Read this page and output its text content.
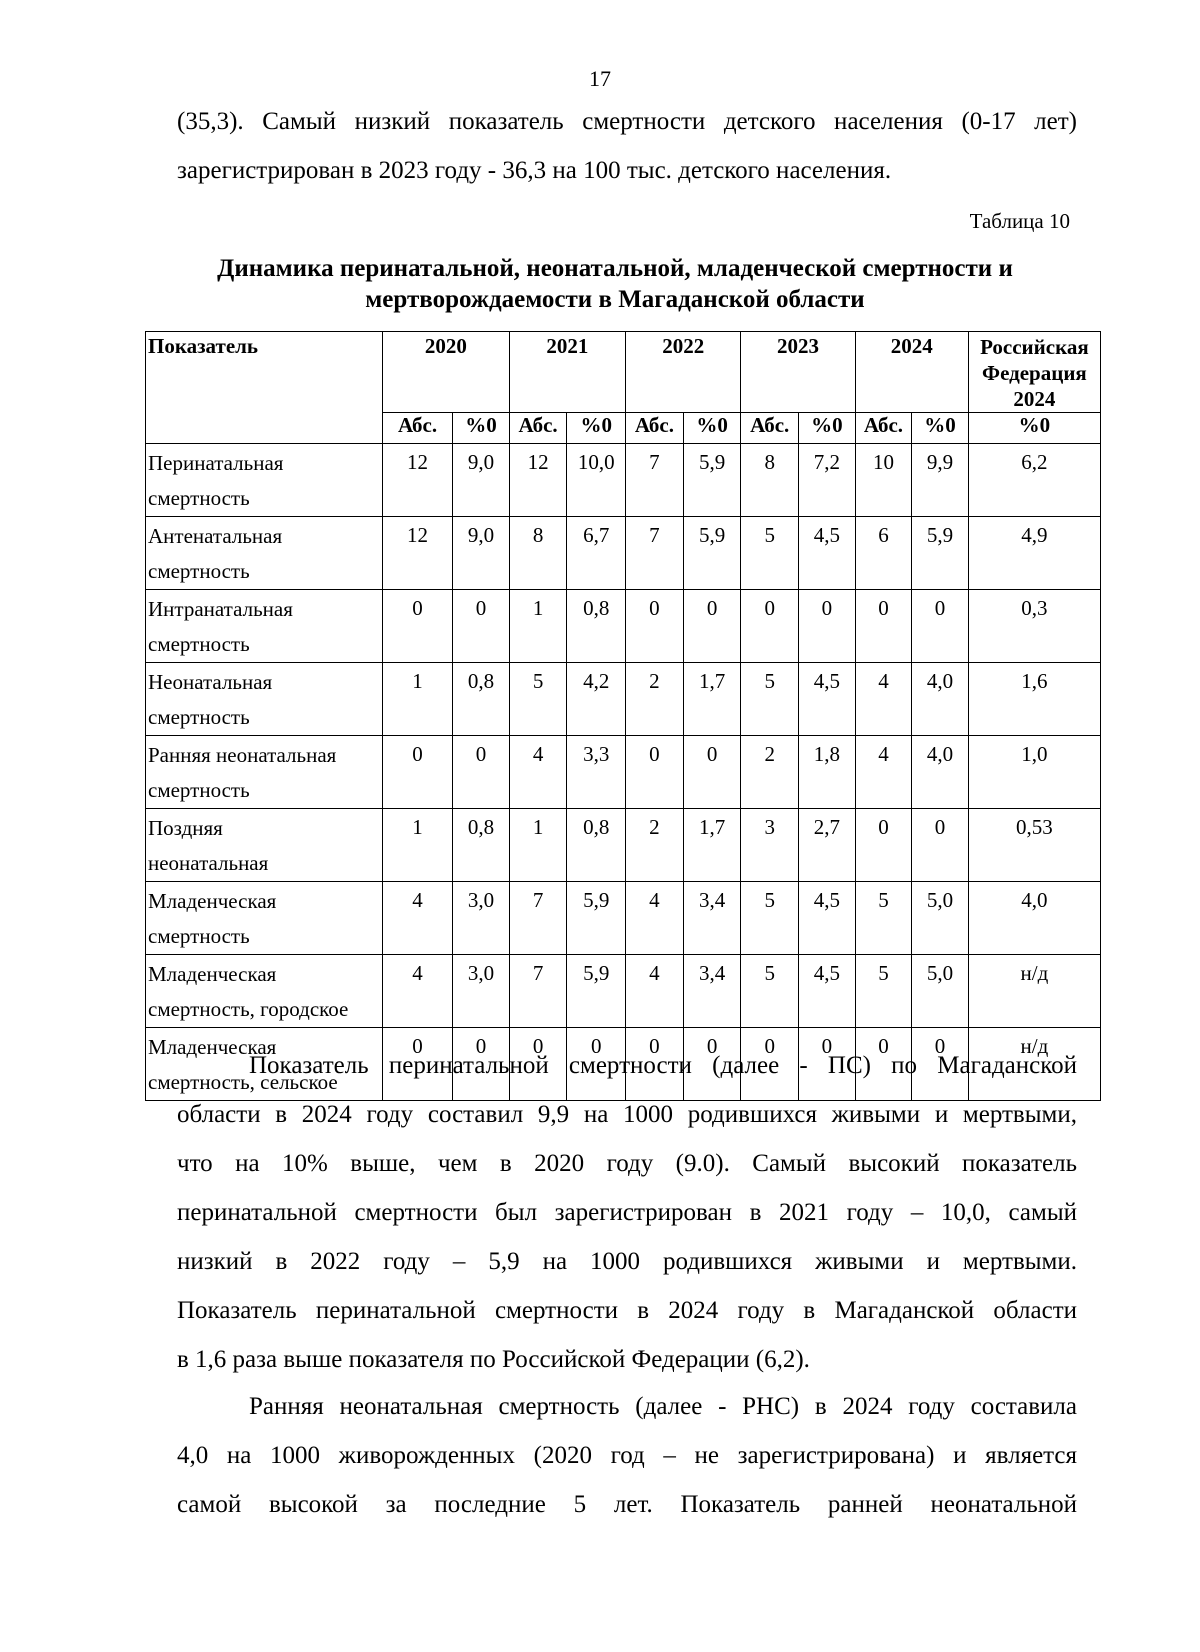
17
(35,3). Самый низкий показатель смертности детского населения (0-17 лет)
зарегистрирован в 2023 году - 36,3 на 100 тыс. детского населения.
Таблица 10
Динамика перинатальной, неонатальной, младенческой смертности и
мертворождаемости в Магаданской области
Показатель	2020		2021		2022		2023		2024		Российская
Федерация
2024

	Абс.	%0	Абс.	%0	Абс.	%0	Абс.	%0	Абс.	%0	%0

Перинатальная
смертность	12	9,0	12	10,0	7	5,9	8	7,2	10	9,9	6,2

Антенатальная
смертность	12	9,0	8	6,7	7	5,9	5	4,5	6	5,9	4,9

Интранатальная
смертность	0	0	1	0,8	0	0	0	0	0	0	0,3

Неонатальная
смертность	1	0,8	5	4,2	2	1,7	5	4,5	4	4,0	1,6

Ранняя неонатальная
смертность	0	0	4	3,3	0	0	2	1,8	4	4,0	1,0

Поздняя
неонатальная	1	0,8	1	0,8	2	1,7	3	2,7	0	0	0,53

Младенческая
смертность	4	3,0	7	5,9	4	3,4	5	4,5	5	5,0	4,0

Младенческая
смертность, городское	4	3,0	7	5,9	4	3,4	5	4,5	5	5,0	н/д

Младенческая
смертность, сельское	0	0	0	0	0	0	0	0	0	0	н/д
Показатель перинатальной смертности (далее - ПС) по Магаданской
области в 2024 году составил 9,9 на 1000 родившихся живыми и мертвыми,
что на 10% выше, чем в 2020 году (9.0). Самый высокий показатель
перинатальной смертности был зарегистрирован в 2021 году – 10,0, самый
низкий в 2022 году – 5,9 на 1000 родившихся живыми и мертвыми.
Показатель перинатальной смертности в 2024 году в Магаданской области
в 1,6 раза выше показателя по Российской Федерации (6,2).
Ранняя неонатальная смертность (далее - РНС) в 2024 году составила
4,0 на 1000 живорожденных (2020 год – не зарегистрирована) и является
самой высокой за последние 5 лет. Показатель ранней неонатальной
